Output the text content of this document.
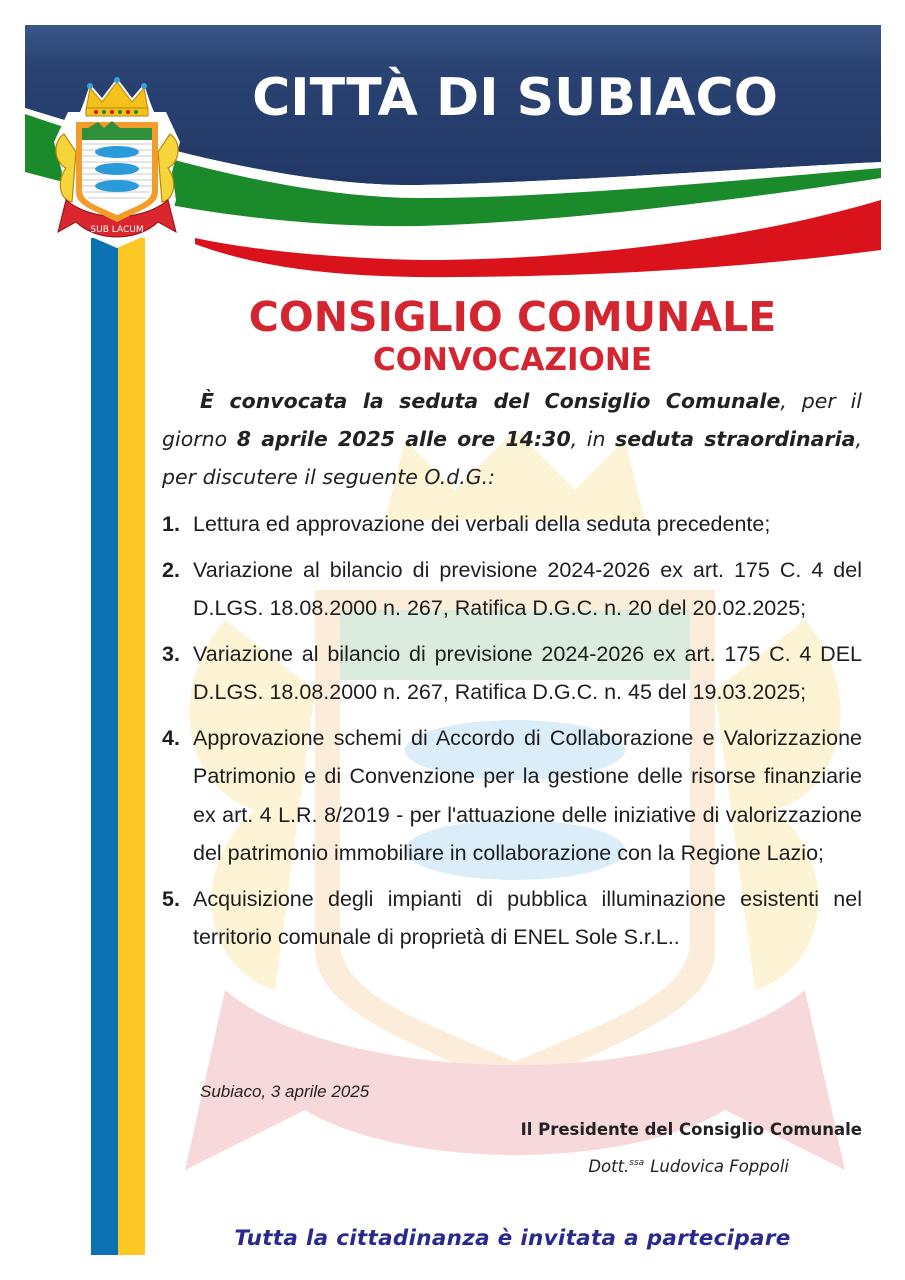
CITTÀ DI SUBIACO
SUB LACUM
CONSIGLIO COMUNALE
CONVOCAZIONE
È convocata la seduta del Consiglio Comunale, per il giorno 8 aprile 2025 alle ore 14:30, in seduta straordinaria, per discutere il seguente O.d.G.:
1. Lettura ed approvazione dei verbali della seduta precedente;
2. Variazione al bilancio di previsione 2024-2026 ex art. 175 C. 4 del D.LGS. 18.08.2000 n. 267, Ratifica D.G.C. n. 20 del 20.02.2025;
3. Variazione al bilancio di previsione 2024-2026 ex art. 175 C. 4 DEL D.LGS. 18.08.2000 n. 267, Ratifica D.G.C. n. 45 del 19.03.2025;
4. Approvazione schemi di Accordo di Collaborazione e Valorizzazione Patrimonio e di Convenzione per la gestione delle risorse finanziarie ex art. 4 L.R. 8/2019 - per l'attuazione delle iniziative di valorizzazione del patrimonio immobiliare in collaborazione con la Regione Lazio;
5. Acquisizione degli impianti di pubblica illuminazione esistenti nel territorio comunale di proprietà di ENEL Sole S.r.L..
Subiaco, 3 aprile 2025
Il Presidente del Consiglio Comunale
Dott.$^{ssa}$ Ludovica Foppoli
Tutta la cittadinanza è invitata a partecipare
